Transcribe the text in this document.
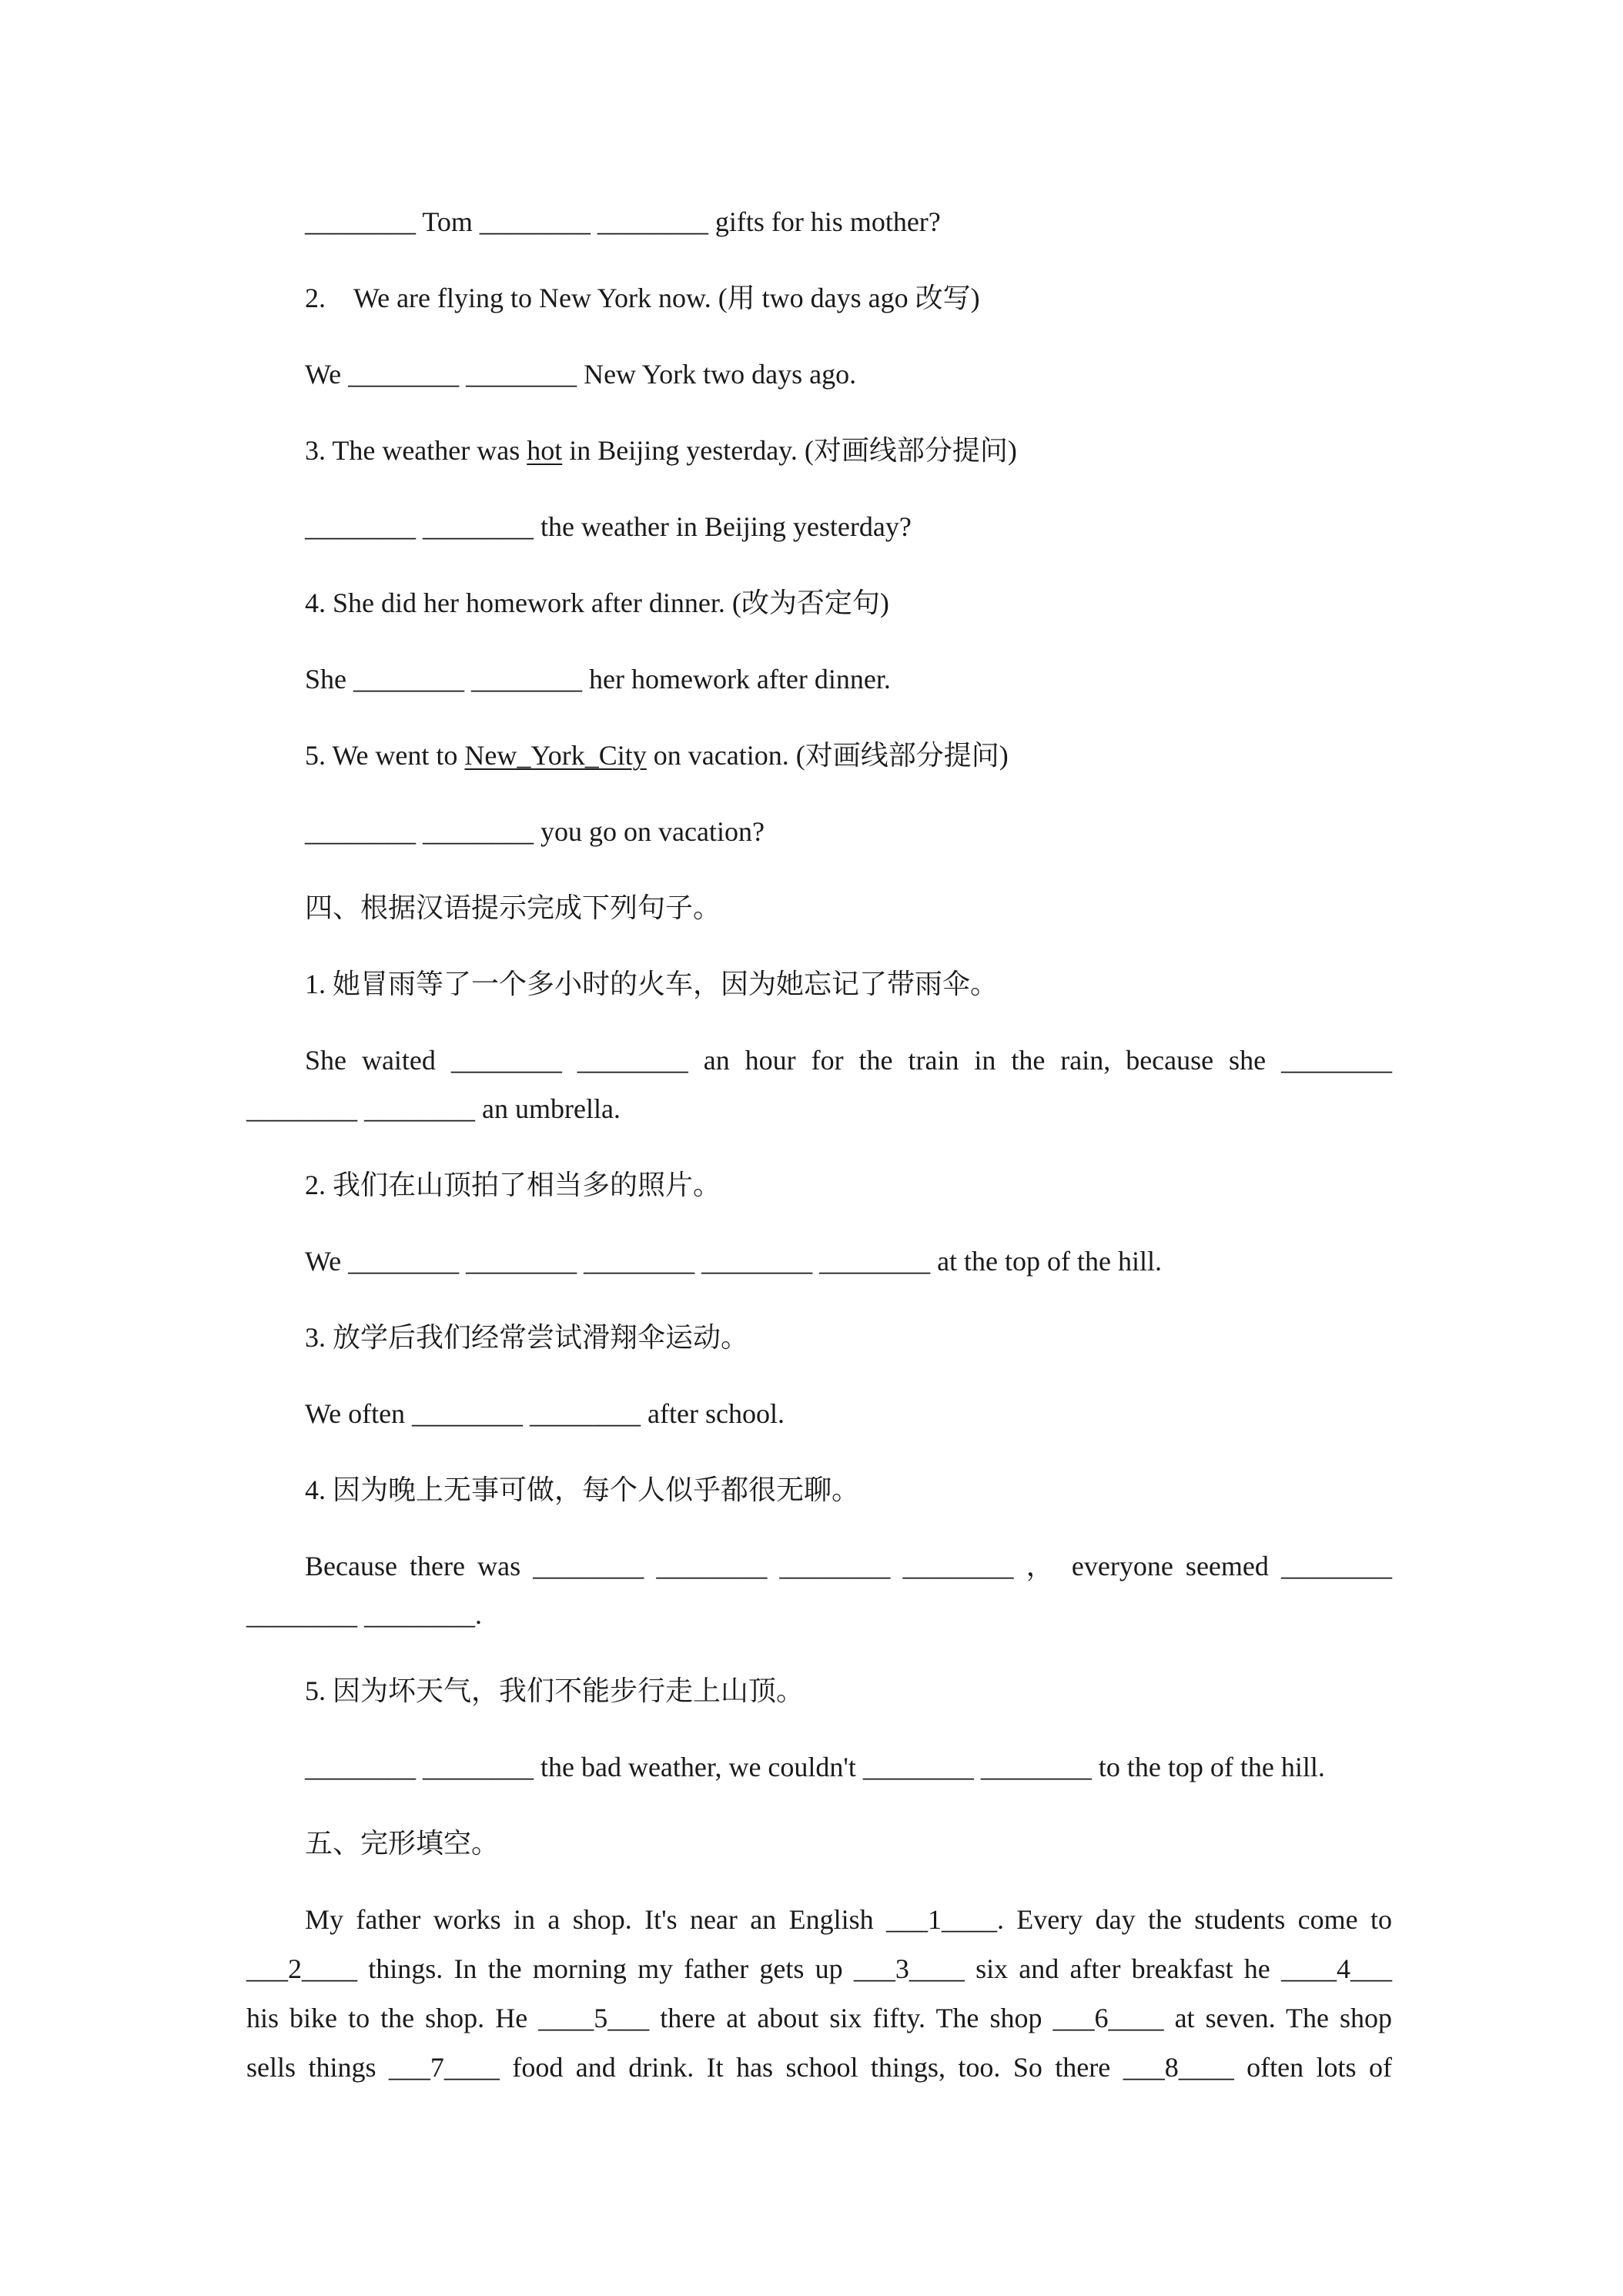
________ Tom ________ ________ gifts for his mother?
2.    We are flying to New York now. (用 two days ago 改写)
We ________ ________ New York two days ago.
3. The weather was hot in Beijing yesterday. (对画线部分提问)
________ ________ the weather in Beijing yesterday?
4. She did her homework after dinner. (改为否定句)
She ________ ________ her homework after dinner.
5. We went to New_York_City on vacation. (对画线部分提问)
________ ________ you go on vacation?
四、根据汉语提示完成下列句子。
1. 她冒雨等了一个多小时的火车，因为她忘记了带雨伞。
She waited ________ ________ an hour for the train in the rain, because she ________
________ ________ an umbrella.
2. 我们在山顶拍了相当多的照片。
We ________ ________ ________ ________ ________ at the top of the hill.
3. 放学后我们经常尝试滑翔伞运动。
We often ________ ________ after school.
4. 因为晚上无事可做，每个人似乎都很无聊。
Because there was ________ ________ ________ ________ ， everyone seemed ________
________ ________.
5. 因为坏天气，我们不能步行走上山顶。
________ ________ the bad weather, we couldn't ________ ________ to the top of the hill.
五、完形填空。
My father works in a shop. It's near an English ___1____. Every day the students come to
___2____ things. In the morning my father gets up ___3____ six and after breakfast he ____4___
his bike to the shop. He ____5___ there at about six fifty. The shop ___6____ at seven. The shop
sells things ___7____ food and drink. It has school things, too. So there ___8____ often lots of
